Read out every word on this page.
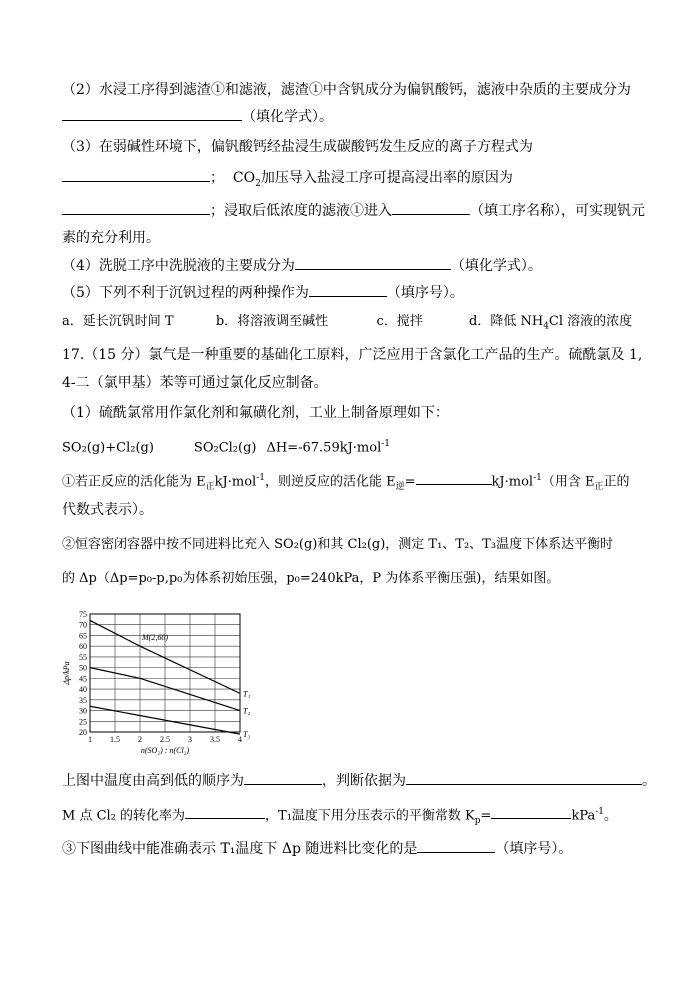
（2）水浸工序得到滤渣①和滤液，滤渣①中含钒成分为偏钒酸钙，滤液中杂质的主要成分为
（填化学式）。
（3）在弱碱性环境下，偏钒酸钙经盐浸生成碳酸钙发生反应的离子方程式为
； $CO_2$加压导入盐浸工序可提高浸出率的原因为
；浸取后低浓度的滤液①进入	（填工序名称），可实现钒元
素的充分利用。
（4）洗脱工序中洗脱液的主要成分为	（填化学式）。
（5）下列不利于沉钒过程的两种操作为	（填序号）。
a．延长沉钒时间 T	b．将溶液调至碱性	c．搅拌	d．降低 $NH_4Cl$ 溶液的浓度
17.（15 分）氯气是一种重要的基础化工原料，广泛应用于含氯化工产品的生产。硫酰氯及 1,
4-二（氯甲基）苯等可通过氯化反应制备。
（1）硫酰氯常用作氯化剂和氟磺化剂，工业上制备原理如下：
SO₂(g)+Cl₂(g)	SO₂Cl₂(g) ΔH=-67.59kJ·mol$^{-1}$
①若正反应的活化能为 $E_正kJ\cdot mol^{-1}$，则逆反应的活化能 $E_逆=$	kJ·mol$^{-1}$（用含 $E_正$正的
代数式表示）。
②恒容密闭容器中按不同进料比充入 SO₂(g)和其 Cl₂(g)，测定 T₁、T₂、T₃温度下体系达平衡时
的 Δp（Δp=p₀-p,p₀为体系初始压强，p₀=240kPa，P 为体系平衡压强)，结果如图。
20
25
30
35
40
45
50
55
60
65
70
75
1 1.5 2 2.5 3 3.5 4
T₁
T₂
T₃
M(2,60)
n(SO₂) : n(Cl₂)
Δp/kPa
上图中温度由高到低的顺序为	，判断依据为	。
M 点 Cl₂ 的转化率为	，T₁温度下用分压表示的平衡常数 $K_p=$	kPa$^{-1}$。
③下图曲线中能准确表示 T₁温度下 Δp 随进料比变化的是	（填序号）。
